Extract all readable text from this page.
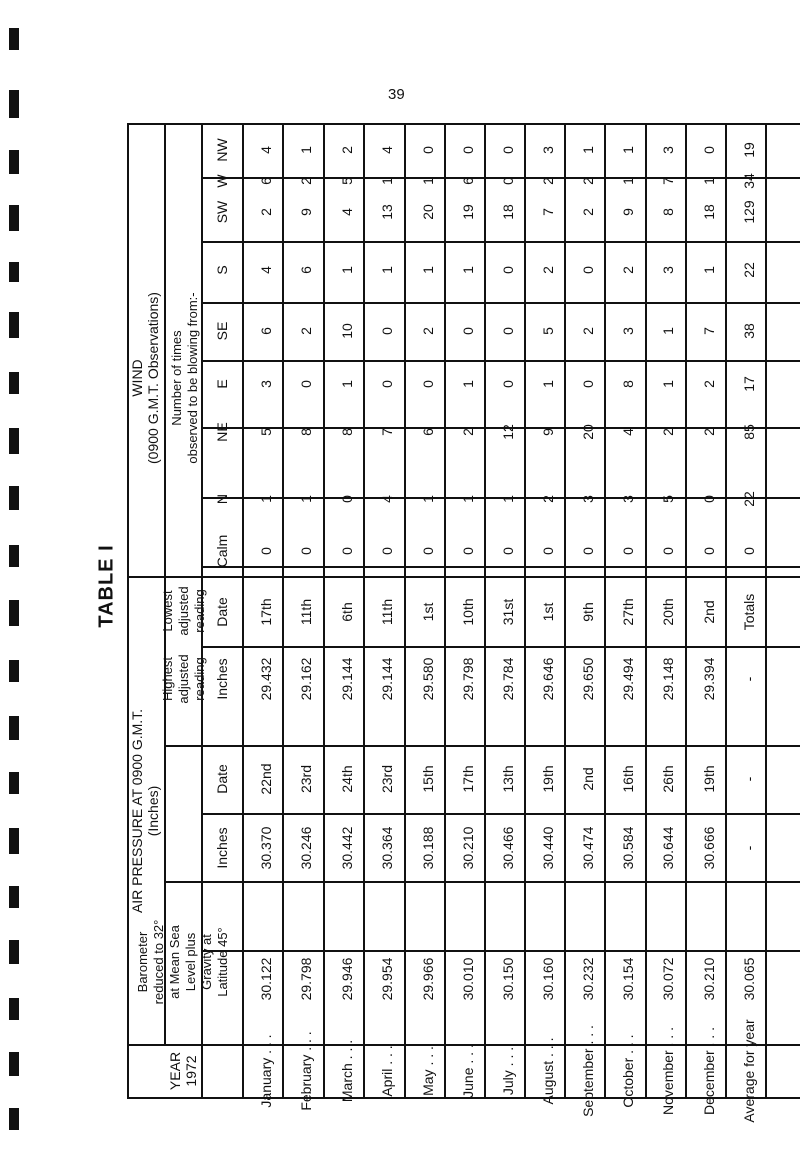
39
TABLE I
WIND
(0900 G.M.T. Observations) Number of times
observed to be blowing from:-
AIR PRESSURE AT 0900 G.M.T.
(Inches)
Highest
adjusted
reading
Lowest
adjusted
reading
Barometer
reduced to 32°
at Mean Sea
Level plus
Gravity at
Latitude 45°
YEAR
1972
Date
Inches
Date
Inches
Calm
N
NE
E
SE
S
SW
W
NW
January . . .
30.122
30.370
22nd
29.432
17th
0
1
5
3
6
4
2
6
4
February . . .
29.798
30.246
23rd
29.162
11th
0
1
8
0
2
6
9
2
1
March . . .
29.946
30.442
24th
29.144
6th
0
0
8
1
10
1
4
5
2
April . . .
29.954
30.364
23rd
29.144
11th
0
4
7
0
0
1
13
1
4
May . . .
29.966
30.188
15th
29.580
1st
0
1
6
0
2
1
20
1
0
June . . .
30.010
30.210
17th
29.798
10th
0
1
2
1
0
1
19
6
0
July . . .
30.150
30.466
13th
29.784
31st
0
1
12
0
0
0
18
0
0
August . . .
30.160
30.440
19th
29.646
1st
0
2
9
1
5
2
7
2
3
September . . .
30.232
30.474
2nd
29.650
9th
0
3
20
0
2
0
2
2
1
October . . .
30.154
30.584
16th
29.494
27th
0
3
4
8
3
2
9
1
1
November . . .
30.072
30.644
26th
29.148
20th
0
5
2
1
1
3
8
7
3
December . . .
30.210
30.666
19th
29.394
2nd
0
0
2
2
7
1
18
1
0
Average for year
30.065
-
-
-
Totals
0
22
85
17
38
22
129
34
19
